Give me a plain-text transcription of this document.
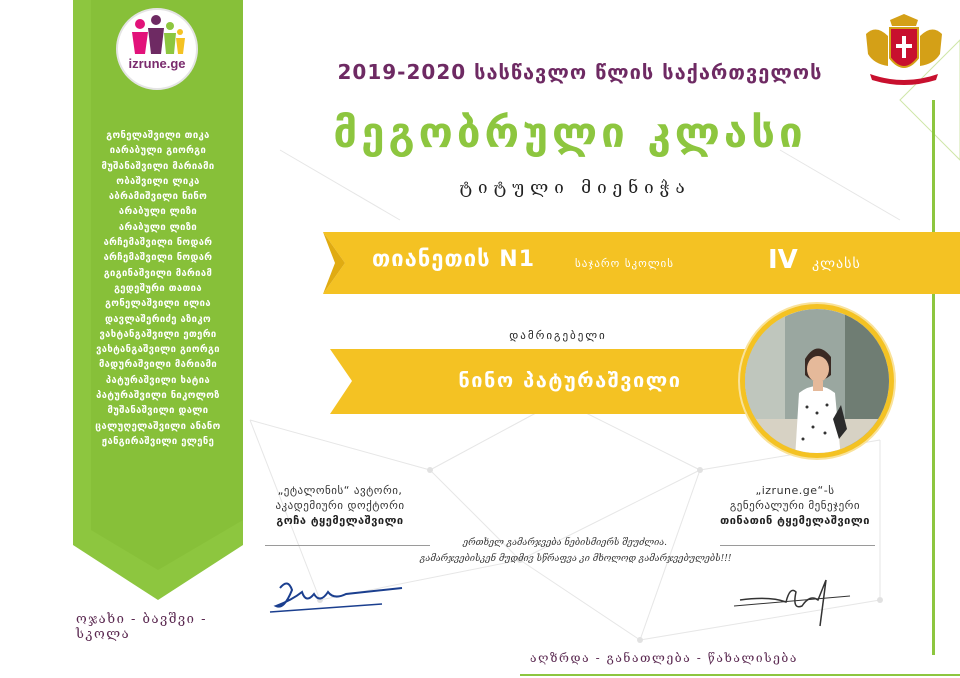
izrune.ge
გონელაშვილი თიკა
იარაბული გიორგი
მუშანაშვილი მარიამი
ობაშვილი ლიკა
აბრამიშვილი ნინო
არაბული ლიზი
არაბული ლიზი
არჩემაშვილი ნოდარ
არჩემაშვილი ნოდარ
გიგინაშვილი მარიამ
გედეშური თათია
გონელაშვილი ილია
დავლაშერიძე აზიკო
ვახტანგაშვილი ეთერი
ვახტანგაშვილი გიორგი
მადურაშვილი მარიამი
პატურაშვილი ხატია
პატურაშვილი ნიკოლოზ
მუშანაშვილი დალი
ცალუღელაშვილი ანანო
ჟანგირაშვილი ელენე
ოჯახი - ბავშვი - სკოლა
2019-2020 სასწავლო წლის საქართველოს
მეგობრული კლასი
ტიტული მიენიჭა
თიანეთის N1	საჯარო სკოლის	IV კლასს
დამრიგებელი
ნინო პატურაშვილი
„ეტალონის“ ავტორი,
აკადემიური დოქტორი
გოჩა ტყემელაშვილი
„izrune.ge“-ს
გენერალური მენეჯერი
თინათინ ტყემელაშვილი
ერთხელ გამარჯვება ნებისმიერს შეუძლია.
გამარჯვებისკენ მუდმივ სწრაფვა კი მხოლოდ გამარჯვებულებს!!!
აღზრდა - განათლება - წახალისება
